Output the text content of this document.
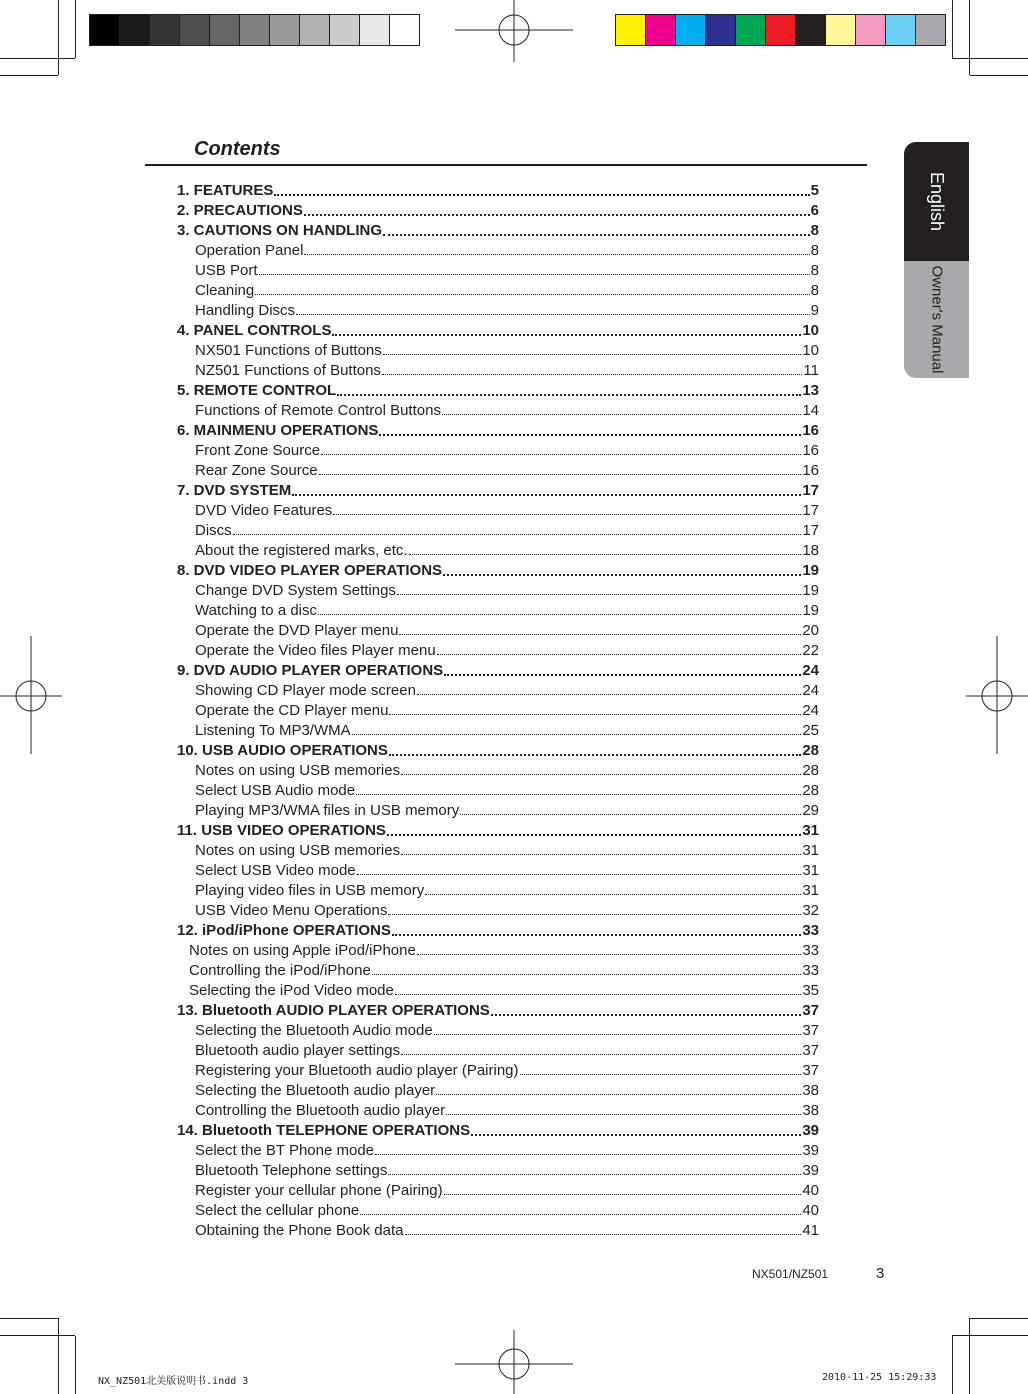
English
Owner's Manual
Contents
1. FEATURES	5
2. PRECAUTIONS	6
3. CAUTIONS ON HANDLING	8
Operation Panel	8
USB Port	8
Cleaning	8
Handling Discs	9
4. PANEL CONTROLS	10
NX501 Functions of Buttons	10
NZ501 Functions of Buttons	11
5. REMOTE CONTROL	13
Functions of Remote Control Buttons	14
6. MAINMENU OPERATIONS	16
Front Zone Source	16
Rear Zone Source	16
7. DVD SYSTEM	17
DVD Video Features	17
Discs	17
About the registered marks, etc.	18
8. DVD VIDEO PLAYER OPERATIONS	19
Change DVD System Settings	19
Watching to a disc	19
Operate the DVD Player menu	20
Operate the Video files Player menu	22
9. DVD AUDIO PLAYER OPERATIONS	24
Showing CD Player mode screen	24
Operate the CD Player menu	24
Listening To MP3/WMA	25
10. USB AUDIO OPERATIONS	28
Notes on using USB memories	28
Select USB Audio mode	28
Playing MP3/WMA files in USB memory	29
11. USB VIDEO OPERATIONS	31
Notes on using USB memories	31
Select USB Video mode	31
Playing video files in USB memory	31
USB Video Menu Operations	32
12. iPod/iPhone OPERATIONS	33
Notes on using Apple iPod/iPhone	33
Controlling the iPod/iPhone	33
Selecting the iPod Video mode	35
13. Bluetooth AUDIO PLAYER OPERATIONS	37
Selecting the Bluetooth Audio mode	37
Bluetooth audio player settings	37
Registering your Bluetooth audio player (Pairing)	37
Selecting the Bluetooth audio player	38
Controlling the Bluetooth audio player	38
14. Bluetooth TELEPHONE OPERATIONS	39
Select the BT Phone mode	39
Bluetooth Telephone settings	39
Register your cellular phone (Pairing)	40
Select the cellular phone	40
Obtaining the Phone Book data	41
NX501/NZ501	3
NX_NZ501北美版说明书.indd 3	2010-11-25 15:29:33
